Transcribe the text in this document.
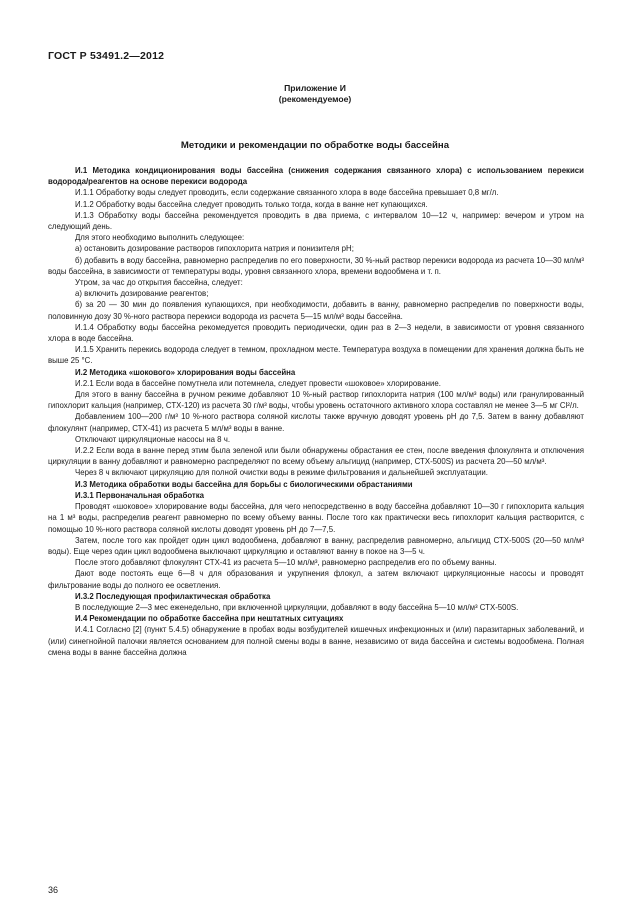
ГОСТ Р 53491.2—2012
Приложение И
(рекомендуемое)
Методики и рекомендации по обработке воды бассейна

И.1 Методика кондиционирования воды бассейна (снижения содержания связанного хлора) с использованием перекиси водорода/реагентов на основе перекиси водорода

И.1.1 Обработку воды следует проводить, если содержание связанного хлора в воде бассейна превышает 0,8 мг/л.

И.1.2 Обработку воды бассейна следует проводить только тогда, когда в ванне нет купающихся.

И.1.3 Обработку воды бассейна рекомендуется проводить в два приема, с интервалом 10—12 ч, например: вечером и утром на следующий день.

Для этого необходимо выполнить следующее:

а) остановить дозирование растворов гипохлорита натрия и понизителя pH;

б) добавить в воду бассейна, равномерно распределив по его поверхности, 30 %-ный раствор перекиси водорода из расчета 10—30 мл/м³ воды бассейна, в зависимости от температуры воды, уровня связанного хлора, времени водообмена и т. п.

Утром, за час до открытия бассейна, следует:

а) включить дозирование реагентов;

б) за 20 — 30 мин до появления купающихся, при необходимости, добавить в ванну, равномерно распределив по поверхности воды, половинную дозу 30 %-ного раствора перекиси водорода из расчета 5—15 мл/м³ воды бассейна.

И.1.4 Обработку воды бассейна рекомедуется проводить периодически, один раз в 2—3 недели, в зависимости от уровня связанного хлора в воде бассейна.

И.1.5 Хранить перекись водорода следует в темном, прохладном месте. Температура воздуха в помещении для хранения должна быть не выше 25 °С.

И.2 Методика «шокового» хлорирования воды бассейна

И.2.1 Если вода в бассейне помутнела или потемнела, следует провести «шоковое» хлорирование.

Для этого в ванну бассейна в ручном режиме добавляют 10 %-ный раствор гипохлорита натрия (100 мл/м³ воды) или гранулированный гипохлорит кальция (например, СТХ-120) из расчета 30 г/м³ воды, чтобы уровень остаточного активного хлора составлял не менее 3—5 мг Cl²/л.

Добавлением 100—200 г/м³ 10 %-ного раствора соляной кислоты также вручную доводят уровень pH до 7,5. Затем в ванну добавляют флокулянт (например, СТХ-41) из расчета 5 мл/м³ воды в ванне.

Отключают циркуляционые насосы на 8 ч.

И.2.2 Если вода в ванне перед этим была зеленой или были обнаружены обрастания ее стен, после введения флокулянта и отключения циркуляции в ванну добавляют и равномерно распределяют по всему объему альгицид (например, СТХ-500S) из расчета 20—50 мл/м³.

Через 8 ч включают циркуляцию для полной очистки воды в режиме фильтрования и дальнейшей эксплуатации.

И.3 Методика обработки воды бассейна для борьбы с биологическими обрастаниями

И.3.1 Первоначальная обработка

Проводят «шоковое» хлорирование воды бассейна, для чего непосредственно в воду бассейна добавляют 10—30 г гипохлорита кальция на 1 м³ воды, распределив реагент равномерно по всему объему ванны. После того как практически весь гипохлорит кальция растворится, с помощью 10 %-ного раствора соляной кислоты доводят уровень pH до 7—7,5.

Затем, после того как пройдет один цикл водообмена, добавляют в ванну, распределив равномерно, альгицид СТХ-500S (20—50 мл/м³ воды). Еще через один цикл водообмена выключают циркуляцию и оставляют ванну в покое на 3—5 ч.

После этого добавляют флокулянт СТХ-41 из расчета 5—10 мл/м³, равномерно распределив его по объему ванны.

Дают воде постоять еще 6—8 ч для образования и укрупнения флокул, а затем включают циркуляционные насосы и проводят фильтрование воды до полного ее осветления.

И.3.2 Последующая профилактическая обработка

В последующие 2—3 мес еженедельно, при включенной циркуляции, добавляют в воду бассейна 5—10 мл/м³ СТХ-500S.

И.4 Рекомендации по обработке бассейна при нештатных ситуациях

И.4.1 Согласно [2] (пункт 5.4.5) обнаружение в пробах воды возбудителей кишечных инфекционных и (или) паразитарных заболеваний, и (или) синегнойной палочки является основанием для полной смены воды в ванне, независимо от вида бассейна и системы водообмена. Полная смена воды в ванне бассейна должна

36
